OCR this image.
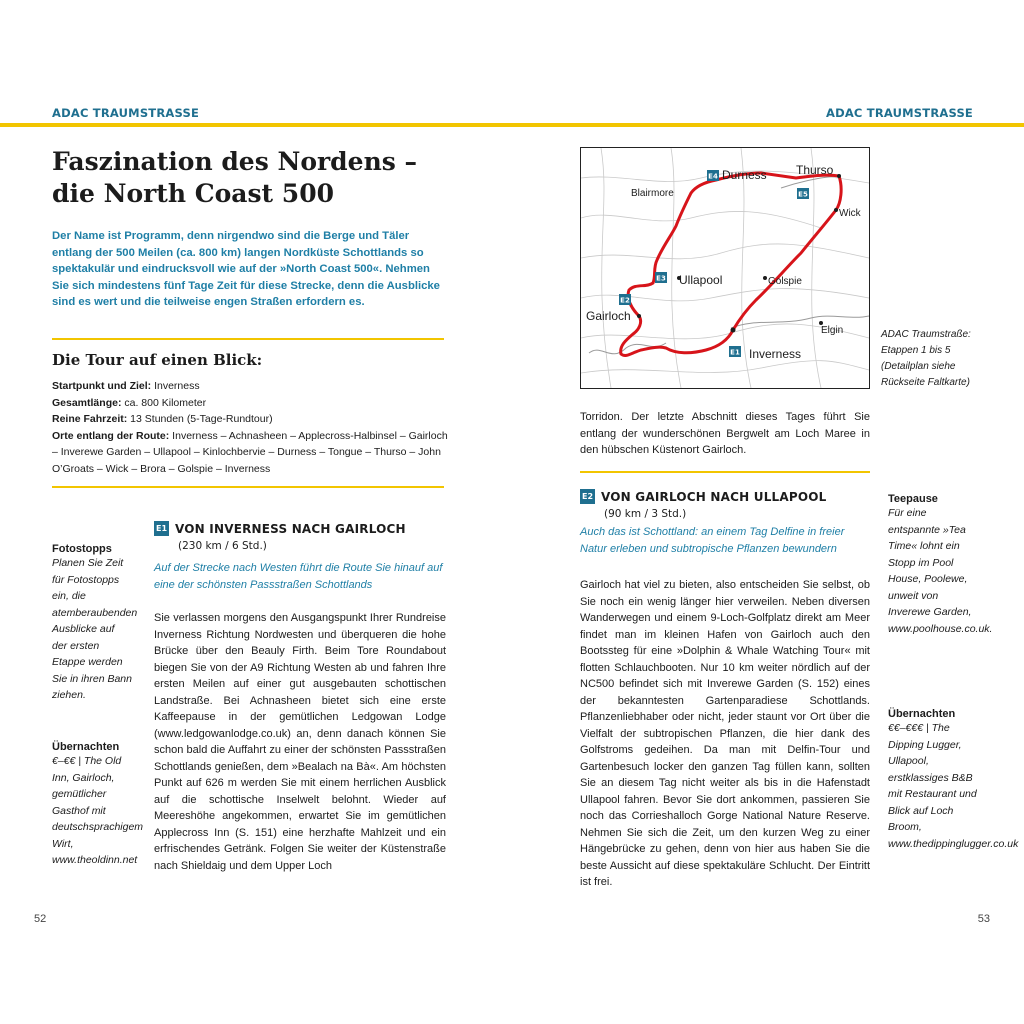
ADAC TRAUMSTRASSE	ADAC TRAUMSTRASSE
Faszination des Nordens –
die North Coast 500

Der Name ist Programm, denn nirgendwo sind die Berge und Täler entlang der 500 Meilen (ca. 800 km) langen Nordküste Schottlands so spektakulär und eindrucksvoll wie auf der »North Coast 500«. Nehmen Sie sich mindestens fünf Tage Zeit für diese Strecke, denn die Ausblicke sind es wert und die teilweise engen Straßen erfordern es.

Die Tour auf einen Blick:
Startpunkt und Ziel: Inverness
Gesamtlänge: ca. 800 Kilometer
Reine Fahrzeit: 13 Stunden (5-Tage-Rundtour)
Orte entlang der Route: Inverness – Achnasheen – Applecross-Halbinsel – Gairloch – Inverewe Garden – Ullapool – Kinlochbervie – Durness – Tongue – Thurso – John O’Groats – Wick – Brora – Golspie – Inverness
Fotostopps
Planen Sie Zeit für Fotostopps ein, die atemberaubenden Ausblicke auf der ersten Etappe werden Sie in ihren Bann ziehen.
Übernachten
€–€€ | The Old Inn, Gairloch, gemütlicher Gasthof mit deutschsprachigem Wirt, www.theoldinn.net
E1 VON INVERNESS NACH GAIRLOCH
(230 km / 6 Std.)
Auf der Strecke nach Westen führt die Route Sie hinauf auf eine der schönsten Passstraßen Schottlands

Sie verlassen morgens den Ausgangspunkt Ihrer Rundreise Inverness Richtung Nordwesten und überqueren die hohe Brücke über den Beauly Firth. Beim Tore Roundabout biegen Sie von der A9 Richtung Westen ab und fahren Ihre ersten Meilen auf einer gut ausgebauten schottischen Landstraße. Bei Achnasheen bietet sich eine erste Kaffeepause in der gemütlichen Ledgowan Lodge (www.ledgowanlodge.co.uk) an, denn danach können Sie schon bald die Auffahrt zu einer der schönsten Passstraßen Schottlands genießen, dem »Bealach na Bà«. Am höchsten Punkt auf 626 m werden Sie mit einem herrlichen Ausblick auf die schottische Inselwelt belohnt. Wieder auf Meereshöhe angekommen, erwartet Sie im gemütlichen Applecross Inn (S. 151) eine herzhafte Mahlzeit und ein erfrischendes Getränk. Folgen Sie weiter der Küstenstraße nach Shieldaig und dem Upper Loch

E4
E5
E3
E2
E1
Durness Thurso
Blairmore
Wick
Ullapool	Golspie
Gairloch
Elgin
Inverness
ADAC Traumstraße: Etappen 1 bis 5 (Detailplan siehe Rückseite Faltkarte)

Torridon. Der letzte Abschnitt dieses Tages führt Sie entlang der wunderschönen Bergwelt am Loch Maree in den hübschen Küstenort Gairloch.

E2 VON GAIRLOCH NACH ULLAPOOL
(90 km / 3 Std.)
Auch das ist Schottland: an einem Tag Delfine in freier Natur erleben und subtropische Pflanzen bewundern

Gairloch hat viel zu bieten, also entscheiden Sie selbst, ob Sie noch ein wenig länger hier verweilen. Neben diversen Wanderwegen und einem 9-Loch-Golfplatz direkt am Meer findet man im kleinen Hafen von Gairloch auch den Bootssteg für eine »Dolphin & Whale Watching Tour« mit flotten Schlauchbooten. Nur 10 km weiter nördlich auf der NC500 befindet sich mit Inverewe Garden (S. 152) eines der bekanntesten Gartenparadiese Schottlands. Pflanzenliebhaber oder nicht, jeder staunt vor Ort über die Vielfalt der subtropischen Pflanzen, die hier dank des Golfstroms gedeihen. Da man mit Delfin-Tour und Gartenbesuch locker den ganzen Tag füllen kann, sollten Sie an diesem Tag nicht weiter als bis in die Hafenstadt Ullapool fahren. Bevor Sie dort ankommen, passieren Sie noch das Corrieshalloch Gorge National Nature Reserve. Nehmen Sie sich die Zeit, um den kurzen Weg zu einer Hängebrücke zu gehen, denn von hier aus haben Sie die beste Aussicht auf diese spektakuläre Schlucht. Der Eintritt ist frei.

Teepause
Für eine entspannte »Tea Time« lohnt ein Stopp im Pool House, Poolewe, unweit von Inverewe Garden, www.poolhouse.co.uk.
Übernachten
€€–€€€ | The Dipping Lugger, Ullapool, erstklassiges B&B mit Restaurant und Blick auf Loch Broom, www.thedippinglugger.co.uk
52	53
